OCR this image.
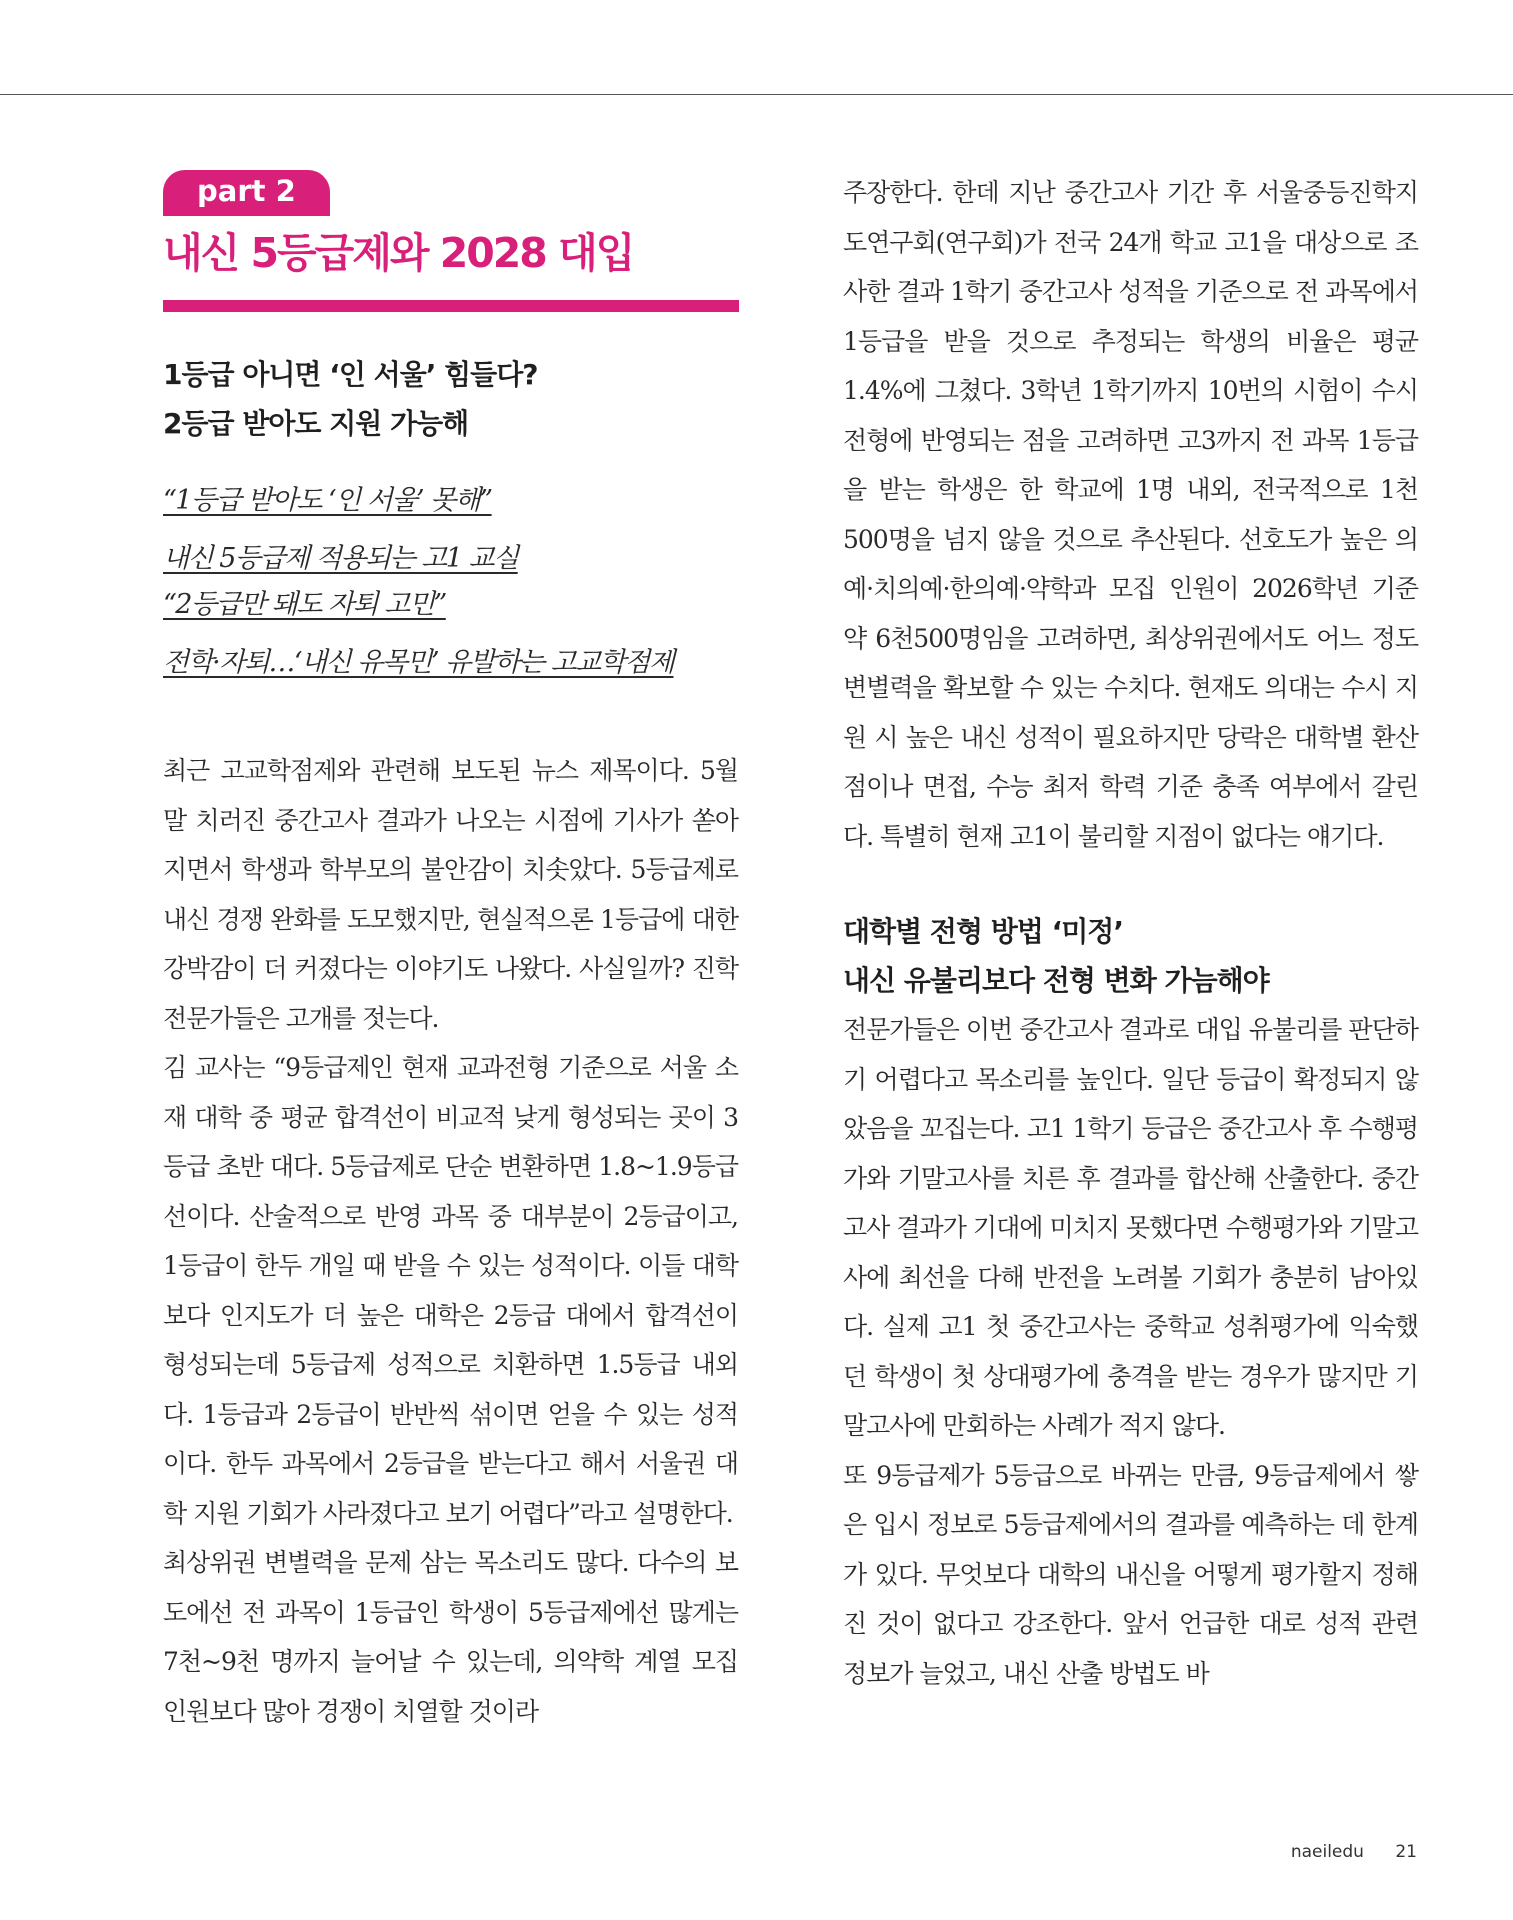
part 2
내신 5등급제와 2028 대입

1등급 아니면 ‘인 서울’ 힘들다?

2등급 받아도 지원 가능해

“1등급 받아도 ‘인 서울’ 못해”

내신 5등급제 적용되는 고1 교실

“2등급만 돼도 자퇴 고민”

전학·자퇴…‘내신 유목민’ 유발하는 고교학점제

최근 고교학점제와 관련해 보도된 뉴스 제목이다. 5월 말 치러진 중간고사 결과가 나오는 시점에 기사가 쏟아지면서 학생과 학부모의 불안감이 치솟았다. 5등급제로 내신 경쟁 완화를 도모했지만, 현실적으론 1등급에 대한 강박감이 더 커졌다는 이야기도 나왔다. 사실일까? 진학 전문가들은 고개를 젓는다.

김 교사는 “9등급제인 현재 교과전형 기준으로 서울 소재 대학 중 평균 합격선이 비교적 낮게 형성되는 곳이 3등급 초반 대다. 5등급제로 단순 변환하면 1.8~1.9등급선이다. 산술적으로 반영 과목 중 대부분이 2등급이고, 1등급이 한두 개일 때 받을 수 있는 성적이다. 이들 대학보다 인지도가 더 높은 대학은 2등급 대에서 합격선이 형성되는데 5등급제 성적으로 치환하면 1.5등급 내외다. 1등급과 2등급이 반반씩 섞이면 얻을 수 있는 성적이다. 한두 과목에서 2등급을 받는다고 해서 서울권 대학 지원 기회가 사라졌다고 보기 어렵다”라고 설명한다.

최상위권 변별력을 문제 삼는 목소리도 많다. 다수의 보도에선 전 과목이 1등급인 학생이 5등급제에선 많게는 7천~9천 명까지 늘어날 수 있는데, 의약학 계열 모집 인원보다 많아 경쟁이 치열할 것이라

주장한다. 한데 지난 중간고사 기간 후 서울중등진학지도연구회(연구회)가 전국 24개 학교 고1을 대상으로 조사한 결과 1학기 중간고사 성적을 기준으로 전 과목에서 1등급을 받을 것으로 추정되는 학생의 비율은 평균 1.4%에 그쳤다. 3학년 1학기까지 10번의 시험이 수시전형에 반영되는 점을 고려하면 고3까지 전 과목 1등급을 받는 학생은 한 학교에 1명 내외, 전국적으로 1천500명을 넘지 않을 것으로 추산된다. 선호도가 높은 의예·치의예·한의예·약학과 모집 인원이 2026학년 기준 약 6천500명임을 고려하면, 최상위권에서도 어느 정도 변별력을 확보할 수 있는 수치다. 현재도 의대는 수시 지원 시 높은 내신 성적이 필요하지만 당락은 대학별 환산점이나 면접, 수능 최저 학력 기준 충족 여부에서 갈린다. 특별히 현재 고1이 불리할 지점이 없다는 얘기다.

대학별 전형 방법 ‘미정’

내신 유불리보다 전형 변화 가늠해야

전문가들은 이번 중간고사 결과로 대입 유불리를 판단하기 어렵다고 목소리를 높인다. 일단 등급이 확정되지 않았음을 꼬집는다. 고1 1학기 등급은 중간고사 후 수행평가와 기말고사를 치른 후 결과를 합산해 산출한다. 중간고사 결과가 기대에 미치지 못했다면 수행평가와 기말고사에 최선을 다해 반전을 노려볼 기회가 충분히 남아있다. 실제 고1 첫 중간고사는 중학교 성취평가에 익숙했던 학생이 첫 상대평가에 충격을 받는 경우가 많지만 기말고사에 만회하는 사례가 적지 않다.

또 9등급제가 5등급으로 바뀌는 만큼, 9등급제에서 쌓은 입시 정보로 5등급제에서의 결과를 예측하는 데 한계가 있다. 무엇보다 대학의 내신을 어떻게 평가할지 정해진 것이 없다고 강조한다. 앞서 언급한 대로 성적 관련 정보가 늘었고, 내신 산출 방법도 바

naeiledu 21
